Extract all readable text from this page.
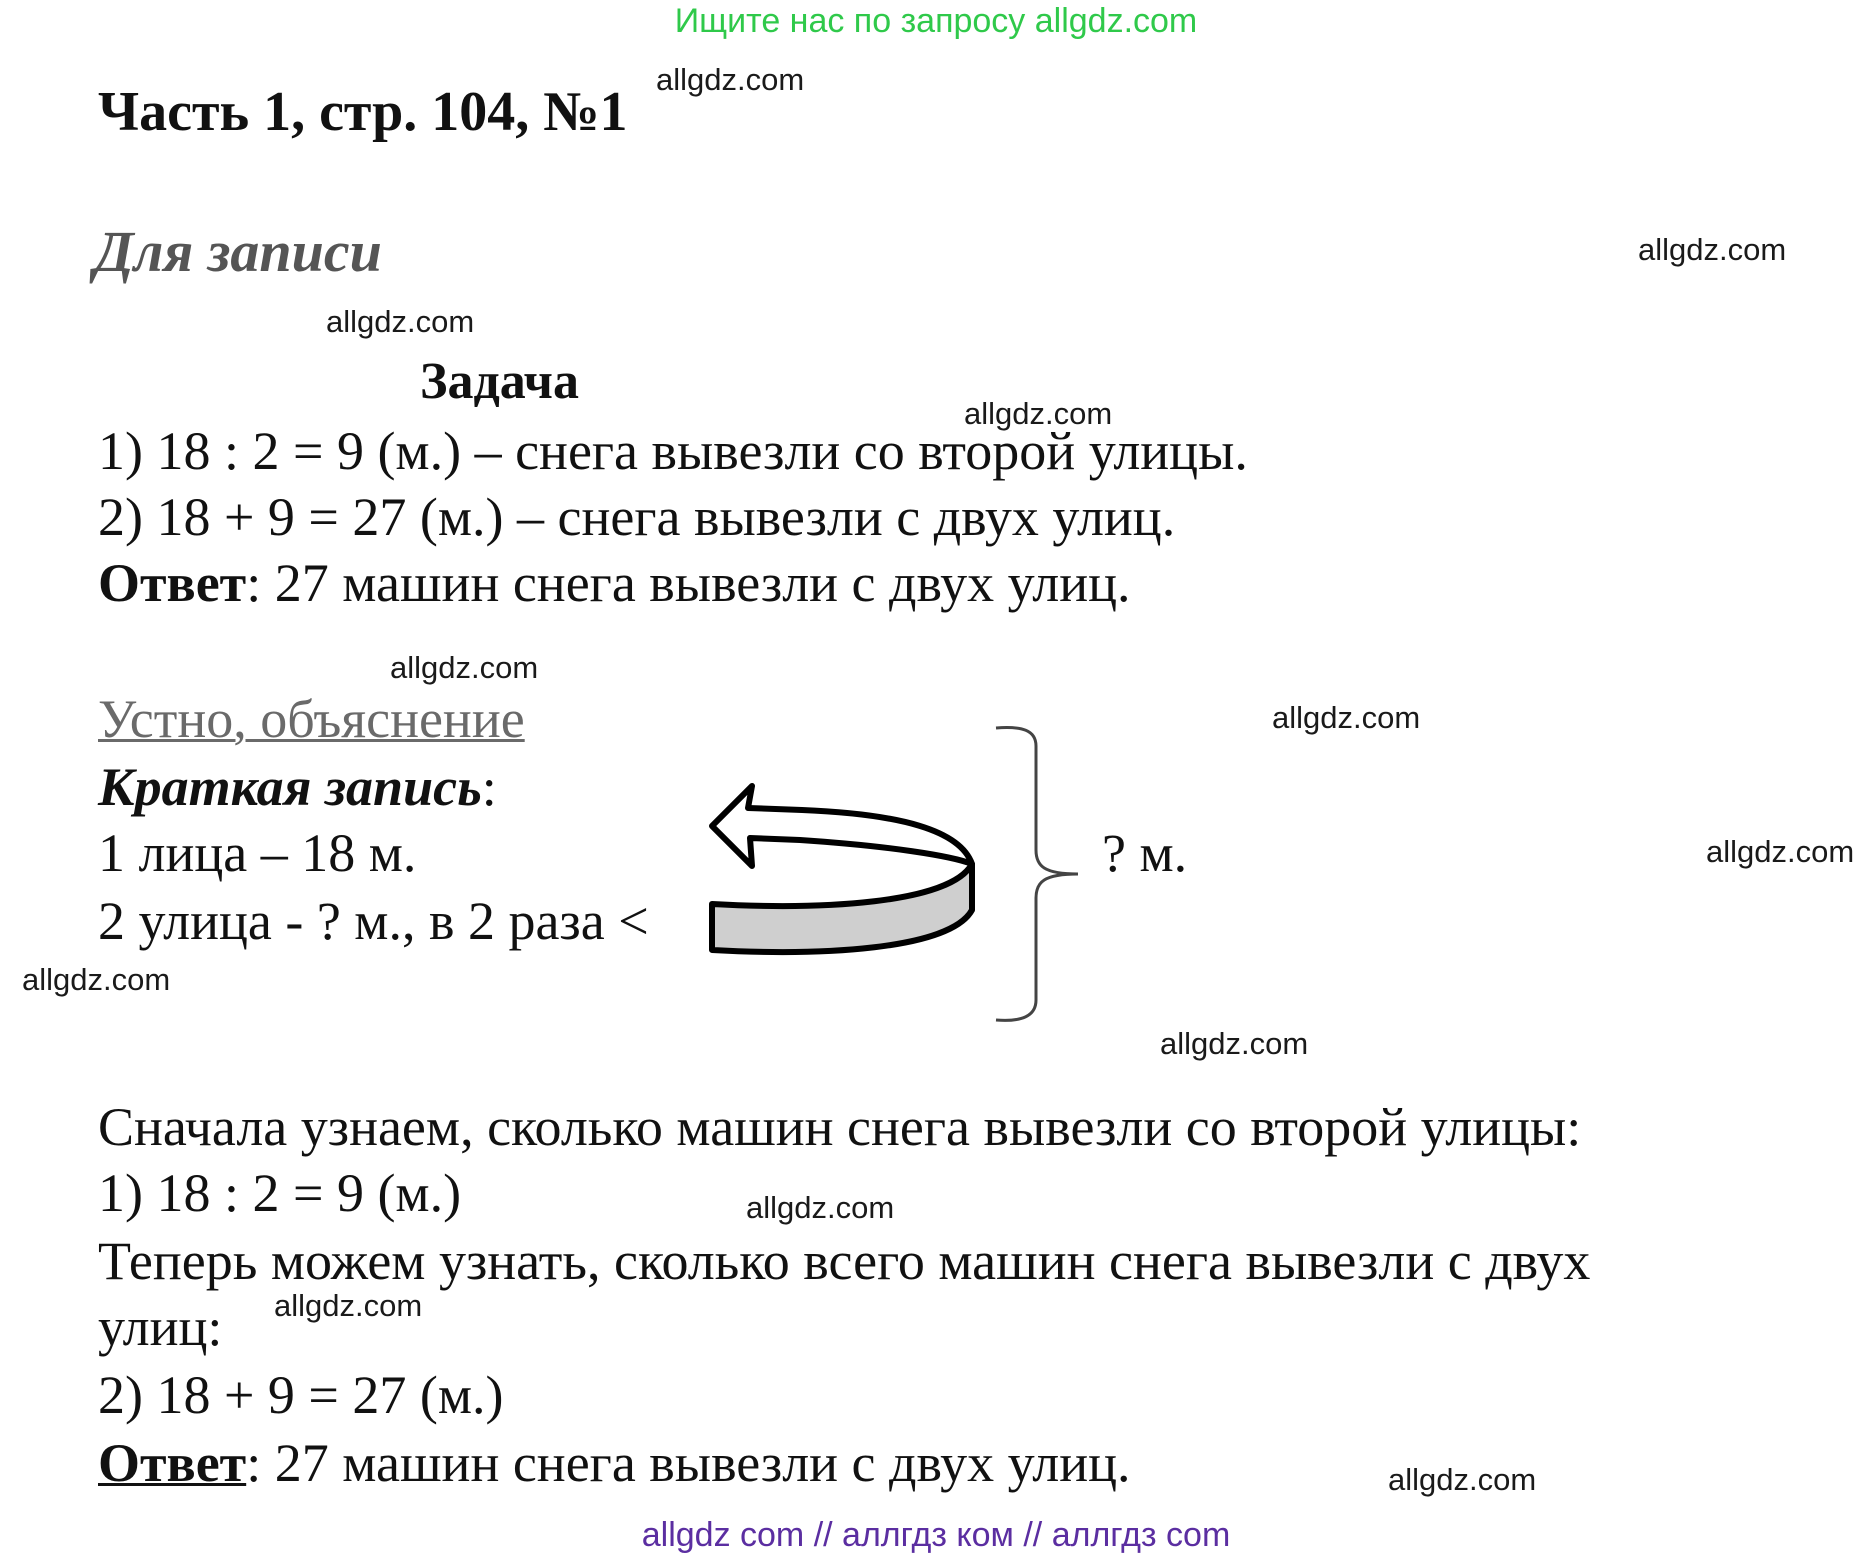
Ищите нас по запросу allgdz.com
allgdz com // аллгдз ком // аллгдз com
allgdz.com
allgdz.com
allgdz.com
allgdz.com
allgdz.com
allgdz.com
allgdz.com
allgdz.com
allgdz.com
allgdz.com
allgdz.com
allgdz.com
Часть 1, стр. 104, №1
Для записи
Задача
1) 18 : 2 = 9 (м.) – снега вывезли со второй улицы.
2) 18 + 9 = 27 (м.) – снега вывезли с двух улиц.
Ответ: 27 машин снега вывезли с двух улиц.
Устно, объяснение
Краткая запись:
1 лица – 18 м.
2 улица - ? м., в 2 раза <
? м.
Сначала узнаем, сколько машин снега вывезли со второй улицы:
1) 18 : 2 = 9 (м.)
Теперь можем узнать, сколько всего машин снега вывезли с двух
улиц:
2) 18 + 9 = 27 (м.)
Ответ: 27 машин снега вывезли с двух улиц.
